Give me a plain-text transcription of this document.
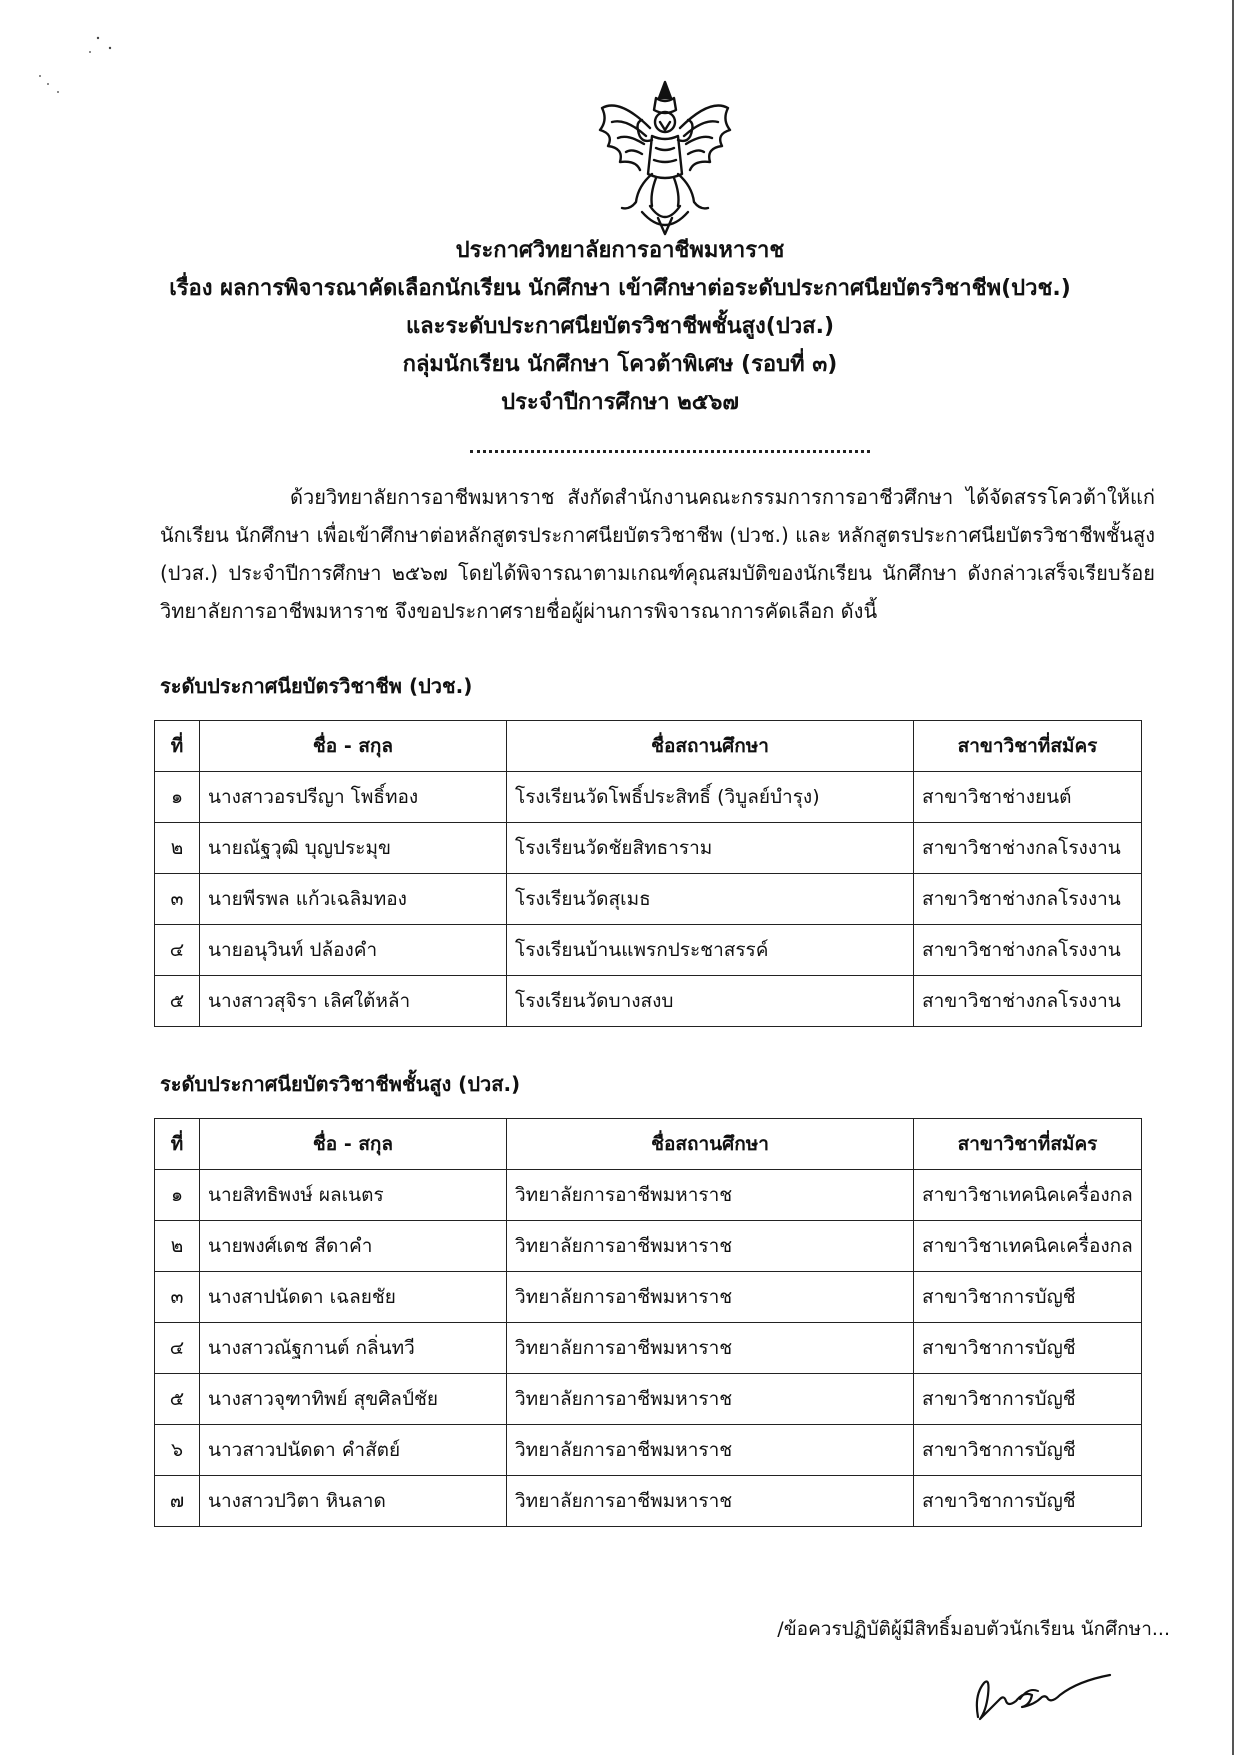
ประกาศวิทยาลัยการอาชีพมหาราช
เรื่อง ผลการพิจารณาคัดเลือกนักเรียน นักศึกษา เข้าศึกษาต่อระดับประกาศนียบัตรวิชาชีพ(ปวช.)
และระดับประกาศนียบัตรวิชาชีพชั้นสูง(ปวส.)
กลุ่มนักเรียน นักศึกษา โควต้าพิเศษ (รอบที่ ๓)
ประจำปีการศึกษา ๒๕๖๗
ด้วยวิทยาลัยการอาชีพมหาราช สังกัดสำนักงานคณะกรรมการการอาชีวศึกษา ได้จัดสรรโควต้าให้แก่นักเรียน นักศึกษา เพื่อเข้าศึกษาต่อหลักสูตรประกาศนียบัตรวิชาชีพ (ปวช.) และ หลักสูตรประกาศนียบัตรวิชาชีพชั้นสูง (ปวส.) ประจำปีการศึกษา ๒๕๖๗ โดยได้พิจารณาตามเกณฑ์คุณสมบัติของนักเรียน นักศึกษา ดังกล่าวเสร็จเรียบร้อย วิทยาลัยการอาชีพมหาราช จึงขอประกาศรายชื่อผู้ผ่านการพิจารณาการคัดเลือก ดังนี้
ระดับประกาศนียบัตรวิชาชีพ (ปวช.)
ที่	ชื่อ - สกุล	ชื่อสถานศึกษา	สาขาวิชาที่สมัคร
๑	นางสาวอรปรีญา โพธิ์ทอง	โรงเรียนวัดโพธิ์ประสิทธิ์ (วิบูลย์บำรุง)	สาขาวิชาช่างยนต์
๒	นายณัฐวุฒิ บุญประมุข	โรงเรียนวัดชัยสิทธาราม	สาขาวิชาช่างกลโรงงาน
๓	นายพีรพล แก้วเฉลิมทอง	โรงเรียนวัดสุเมธ	สาขาวิชาช่างกลโรงงาน
๔	นายอนุวินท์ ปล้องคำ	โรงเรียนบ้านแพรกประชาสรรค์	สาขาวิชาช่างกลโรงงาน
๕	นางสาวสุจิรา เลิศใต้หล้า	โรงเรียนวัดบางสงบ	สาขาวิชาช่างกลโรงงาน
ระดับประกาศนียบัตรวิชาชีพชั้นสูง (ปวส.)
ที่	ชื่อ - สกุล	ชื่อสถานศึกษา	สาขาวิชาที่สมัคร
๑	นายสิทธิพงษ์ ผลเนตร	วิทยาลัยการอาชีพมหาราช	สาขาวิชาเทคนิคเครื่องกล
๒	นายพงศ์เดช สีดาคำ	วิทยาลัยการอาชีพมหาราช	สาขาวิชาเทคนิคเครื่องกล
๓	นางสาปนัดดา เฉลยชัย	วิทยาลัยการอาชีพมหาราช	สาขาวิชาการบัญชี
๔	นางสาวณัฐกานต์ กลิ่นทวี	วิทยาลัยการอาชีพมหาราช	สาขาวิชาการบัญชี
๕	นางสาวจุฑาทิพย์ สุขศิลป์ชัย	วิทยาลัยการอาชีพมหาราช	สาขาวิชาการบัญชี
๖	นาวสาวปนัดดา คำสัตย์	วิทยาลัยการอาชีพมหาราช	สาขาวิชาการบัญชี
๗	นางสาวปวิตา หินลาด	วิทยาลัยการอาชีพมหาราช	สาขาวิชาการบัญชี
/ข้อควรปฏิบัติผู้มีสิทธิ์มอบตัวนักเรียน นักศึกษา...
